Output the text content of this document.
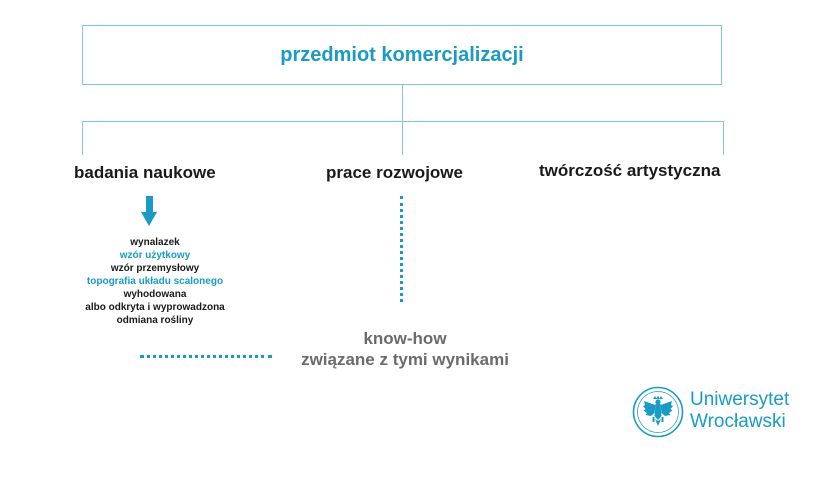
przedmiot komercjalizacji
badania naukowe	prace rozwojowe	twórczość artystyczna
wynalazek
wzór użytkowy
wzór przemysłowy
topografia układu scalonego
wyhodowana
albo odkryta i wyprowadzona
odmiana rośliny
know-how
związane z tymi wynikami
Uniwersytet
Wrocławski
